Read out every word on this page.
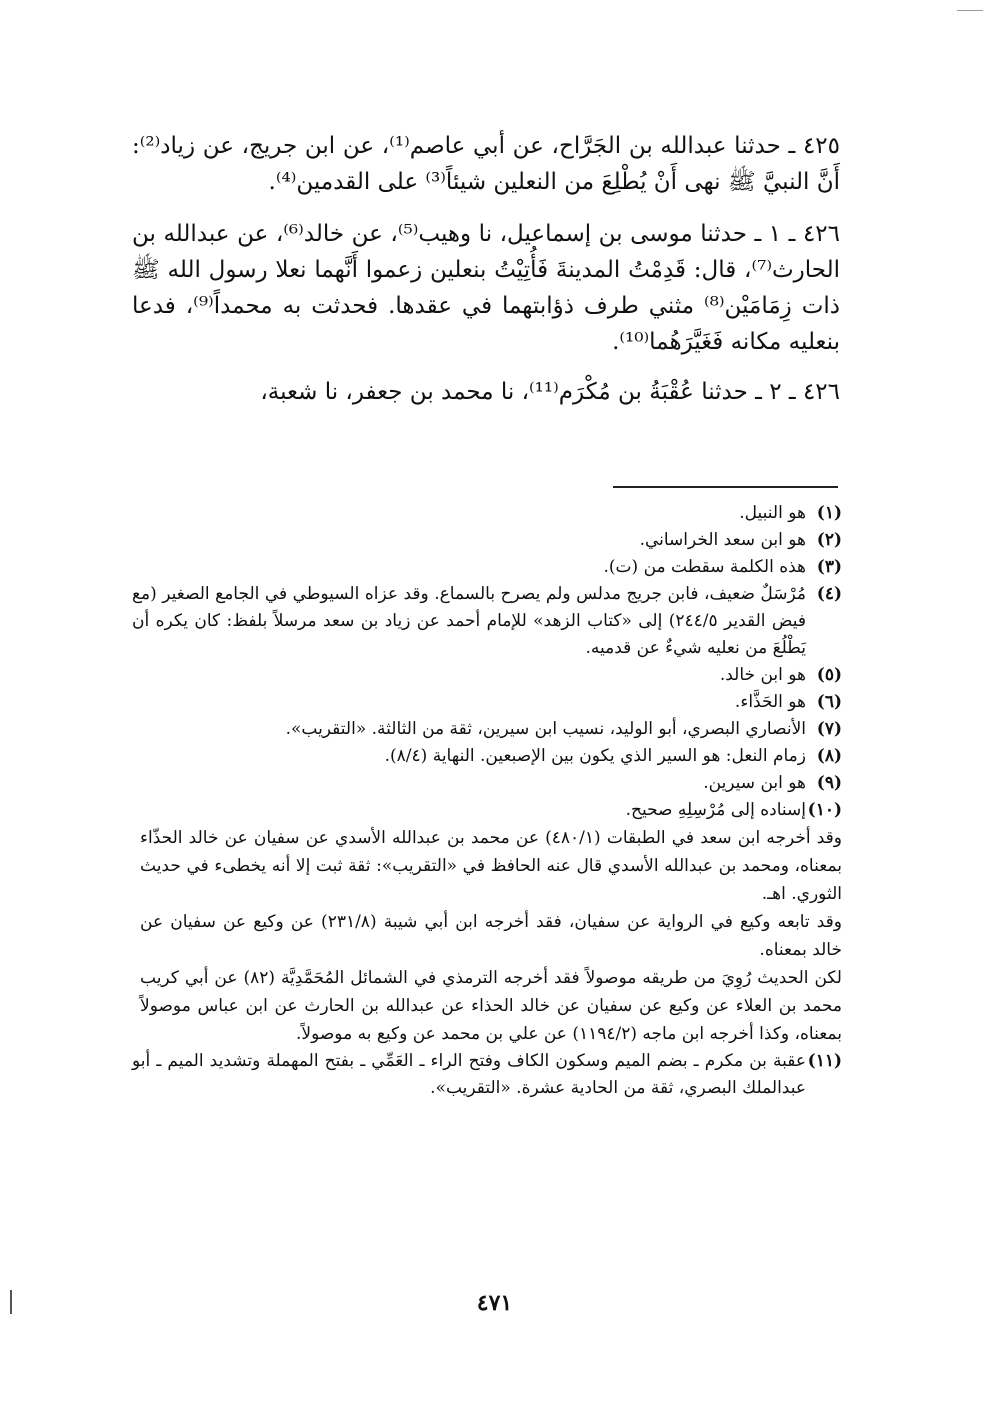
٤٢٥ ـ حدثنا عبدالله بن الجَرَّاح، عن أبي عاصم⁽¹⁾، عن ابن جريج، عن زياد⁽²⁾: أَنَّ النبيَّ ﷺ نهى أَنْ يُطْلِعَ من النعلين شيئاً⁽³⁾ على القدمين⁽⁴⁾.

٤٢٦ ـ ١ ـ حدثنا موسى بن إسماعيل، نا وهيب⁽⁵⁾، عن خالد⁽⁶⁾، عن عبدالله بن الحارث⁽⁷⁾، قال: قَدِمْتُ المدينةَ فَأُتِيْتُ بنعلين زعموا أَنَّهما نعلا رسول الله ﷺ ذات زِمَامَيْن⁽⁸⁾ مثني طرف ذؤابتهما في عقدها. فحدثت به محمداً⁽⁹⁾، فدعا بنعليه مكانه فَغَيَّرَهُما⁽¹⁰⁾.

٤٢٦ ـ ٢ ـ حدثنا عُقْبَةُ بن مُكْرَم⁽¹¹⁾، نا محمد بن جعفر، نا شعبة،

(١)
هو النبيل.
(٢)
هو ابن سعد الخراساني.
(٣)
هذه الكلمة سقطت من (ت).
(٤)
مُرْسَلٌ ضعيف، فابن جريج مدلس ولم يصرح بالسماع. وقد عزاه السيوطي في الجامع الصغير (مع فيض القدير ٢٤٤/٥) إلى «كتاب الزهد» للإمام أحمد عن زياد بن سعد مرسلاً بلفظ: كان يكره أن يَطْلُعَ من نعليه شيءٌ عن قدميه.
(٥)
هو ابن خالد.
(٦)
هو الحَذَّاء.
(٧)
الأنصاري البصري، أبو الوليد، نسيب ابن سيرين، ثقة من الثالثة. «التقريب».
(٨)
زمام النعل: هو السير الذي يكون بين الإصبعين. النهاية (٨/٤).
(٩)
هو ابن سيرين.
(١٠)
إسناده إلى مُرْسِلِهِ صحيح.
وقد أخرجه ابن سعد في الطبقات (٤٨٠/١) عن محمد بن عبدالله الأسدي عن سفيان عن خالد الحذّاء بمعناه، ومحمد بن عبدالله الأسدي قال عنه الحافظ في «التقريب»: ثقة ثبت إلا أنه يخطىء في حديث الثوري. اهـ.
وقد تابعه وكيع في الرواية عن سفيان، فقد أخرجه ابن أبي شيبة (٢٣١/٨) عن وكيع عن سفيان عن خالد بمعناه.
لكن الحديث رُوِيَ من طريقه موصولاً فقد أخرجه الترمذي في الشمائل المُحَمَّدِيَّة (٨٢) عن أبي كريب محمد بن العلاء عن وكيع عن سفيان عن خالد الحذاء عن عبدالله بن الحارث عن ابن عباس موصولاً بمعناه، وكذا أخرجه ابن ماجه (١١٩٤/٢) عن علي بن محمد عن وكيع به موصولاً.
(١١)
عقبة بن مكرم ـ بضم الميم وسكون الكاف وفتح الراء ـ العَمِّي ـ بفتح المهملة وتشديد الميم ـ أبو عبدالملك البصري، ثقة من الحادية عشرة. «التقريب».
٤٧١
